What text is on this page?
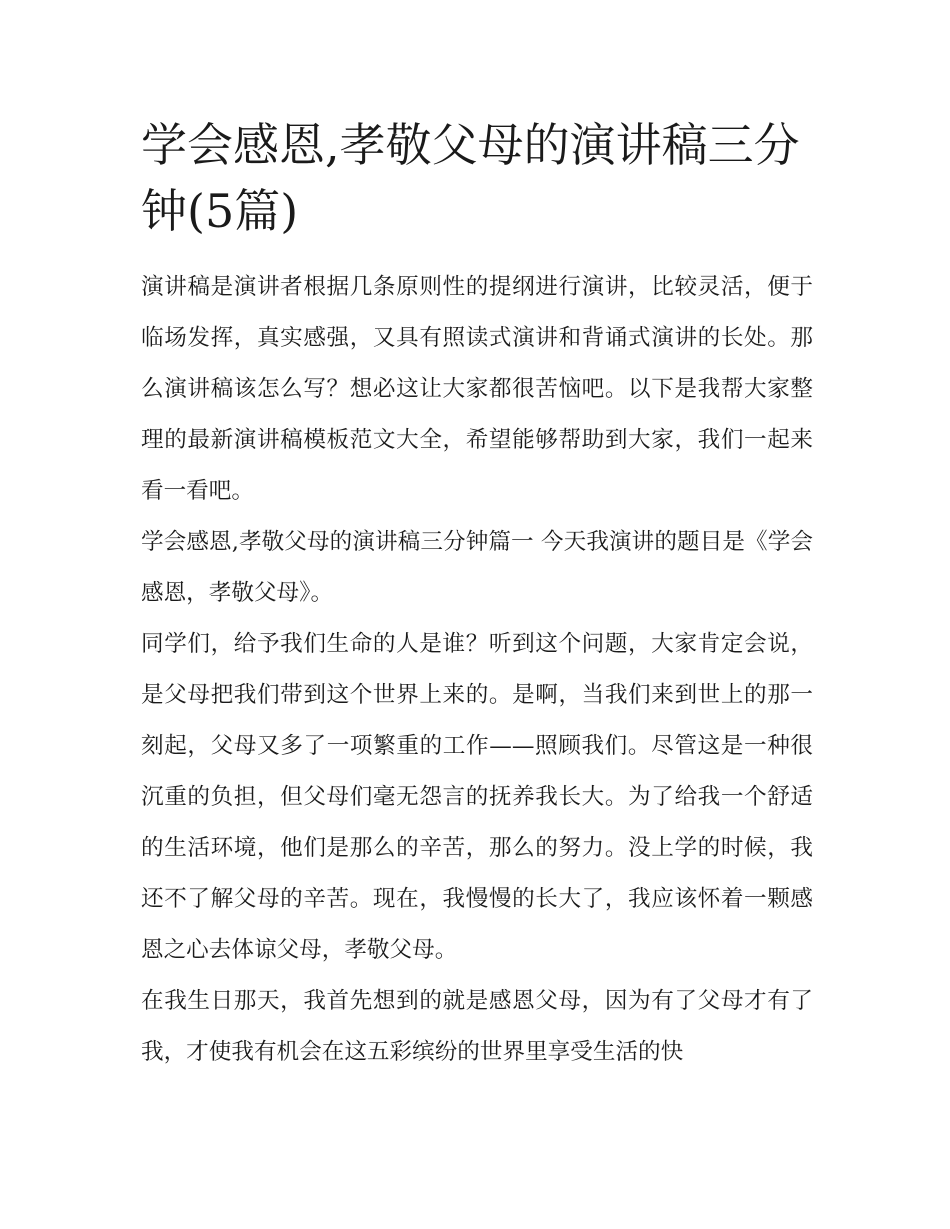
学会感恩,孝敬父母的演讲稿三分钟(5篇)

演讲稿是演讲者根据几条原则性的提纲进行演讲，比较灵活，便于临场发挥，真实感强，又具有照读式演讲和背诵式演讲的长处。那么演讲稿该怎么写？想必这让大家都很苦恼吧。以下是我帮大家整理的最新演讲稿模板范文大全，希望能够帮助到大家，我们一起来看一看吧。

学会感恩,孝敬父母的演讲稿三分钟篇一 今天我演讲的题目是《学会感恩，孝敬父母》。

同学们，给予我们生命的人是谁？听到这个问题，大家肯定会说，是父母把我们带到这个世界上来的。是啊，当我们来到世上的那一刻起，父母又多了一项繁重的工作——照顾我们。尽管这是一种很沉重的负担，但父母们毫无怨言的抚养我长大。为了给我一个舒适的生活环境，他们是那么的辛苦，那么的努力。没上学的时候，我还不了解父母的辛苦。现在，我慢慢的长大了，我应该怀着一颗感恩之心去体谅父母，孝敬父母。

在我生日那天，我首先想到的就是感恩父母，因为有了父母才有了我，才使我有机会在这五彩缤纷的世界里享受生活的快
